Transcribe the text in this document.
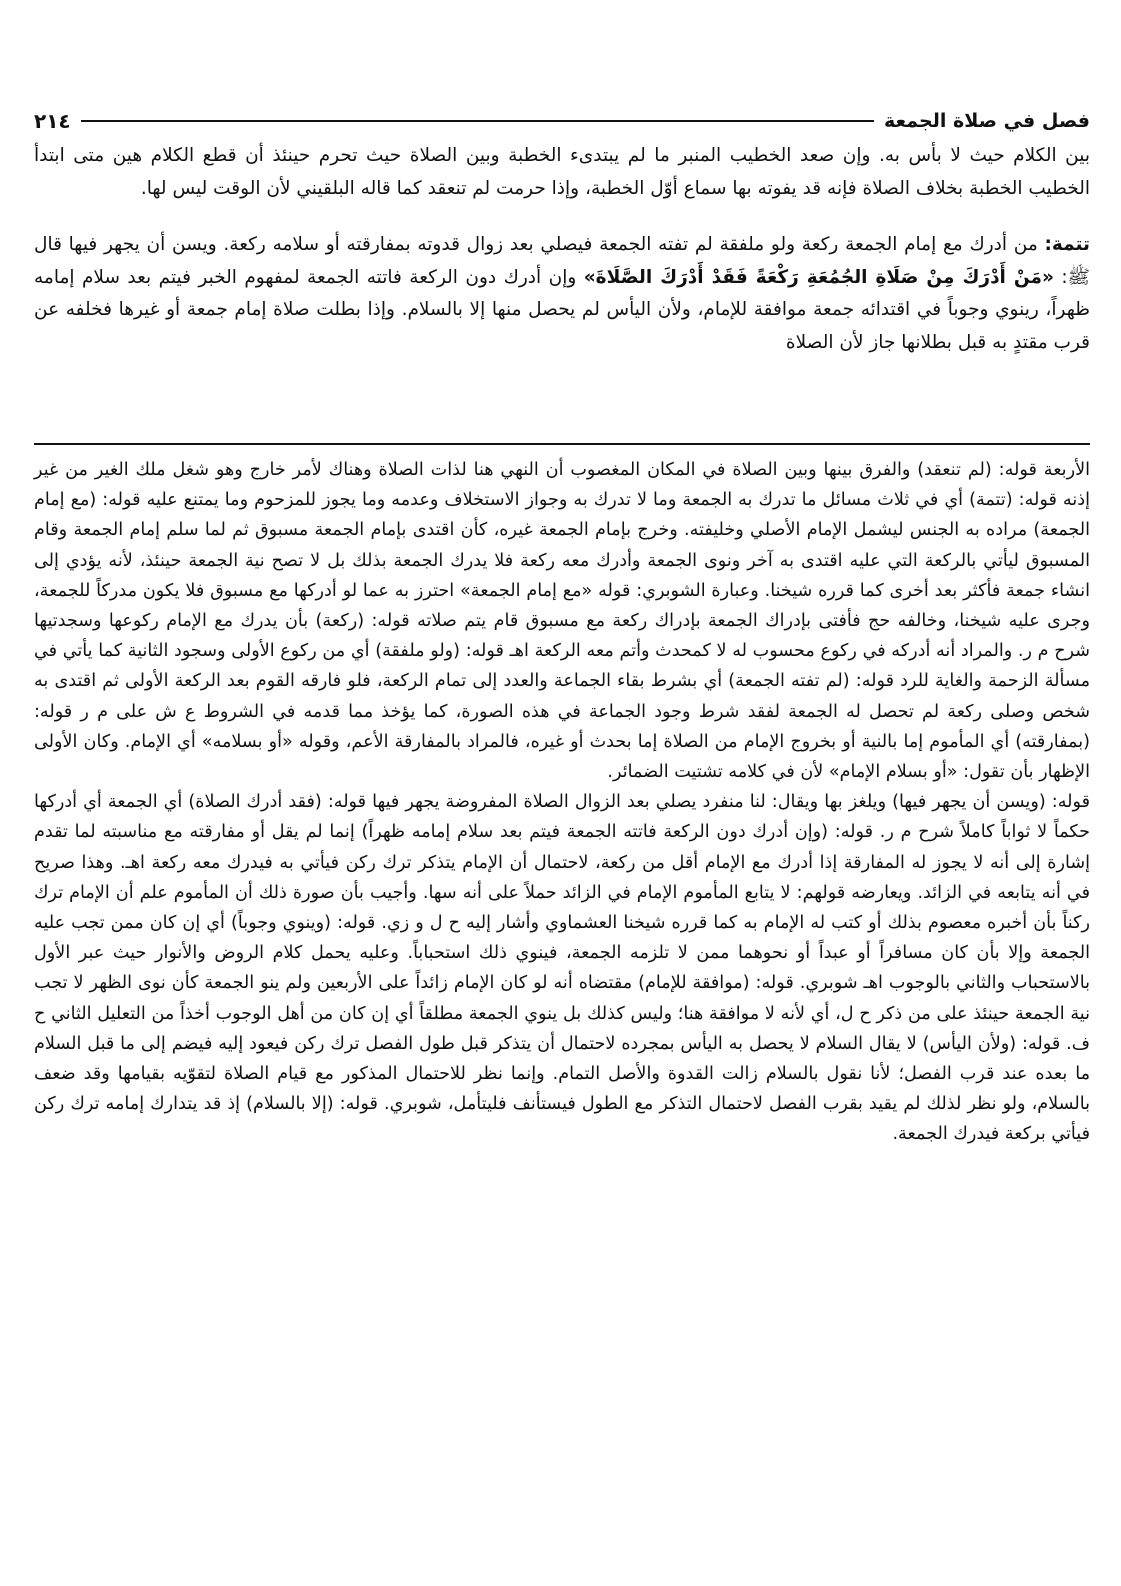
فصل في صلاة الجمعة
٢١٤

بين الكلام حيث لا بأس به. وإن صعد الخطيب المنبر ما لم يبتدىء الخطبة وبين الصلاة حيث تحرم حينئذ أن قطع الكلام هين متى ابتدأ الخطيب الخطبة بخلاف الصلاة فإنه قد يفوته بها سماع أوّل الخطبة، وإذا حرمت لم تنعقد كما قاله البلقيني لأن الوقت ليس لها.

تتمة: من أدرك مع إمام الجمعة ركعة ولو ملفقة لم تفته الجمعة فيصلي بعد زوال قدوته بمفارقته أو سلامه ركعة. ويسن أن يجهر فيها قال ﷺ: «مَنْ أَدْرَكَ مِنْ صَلَاةِ الجُمُعَةِ رَكْعَةً فَقَدْ أَدْرَكَ الصَّلَاةَ» وإن أدرك دون الركعة فاتته الجمعة لمفهوم الخبر فيتم بعد سلام إمامه ظهراً، رينوي وجوباً في اقتدائه جمعة موافقة للإمام، ولأن اليأس لم يحصل منها إلا بالسلام. وإذا بطلت صلاة إمام جمعة أو غيرها فخلفه عن قرب مقتدٍ به قبل بطلانها جاز لأن الصلاة

الأربعة قوله: (لم تنعقد) والفرق بينها وبين الصلاة في المكان المغصوب أن النهي هنا لذات الصلاة وهناك لأمر خارج وهو شغل ملك الغير من غير إذنه قوله: (تتمة) أي في ثلاث مسائل ما تدرك به الجمعة وما لا تدرك به وجواز الاستخلاف وعدمه وما يجوز للمزحوم وما يمتنع عليه قوله: (مع إمام الجمعة) مراده به الجنس ليشمل الإمام الأصلي وخليفته. وخرج بإمام الجمعة غيره، كأن اقتدى بإمام الجمعة مسبوق ثم لما سلم إمام الجمعة وقام المسبوق ليأتي بالركعة التي عليه اقتدى به آخر ونوى الجمعة وأدرك معه ركعة فلا يدرك الجمعة بذلك بل لا تصح نية الجمعة حينئذ، لأنه يؤدي إلى انشاء جمعة فأكثر بعد أخرى كما قرره شيخنا. وعبارة الشوبري: قوله «مع إمام الجمعة» احترز به عما لو أدركها مع مسبوق فلا يكون مدركاً للجمعة، وجرى عليه شيخنا، وخالفه حج فأفتى بإدراك الجمعة بإدراك ركعة مع مسبوق قام يتم صلاته قوله: (ركعة) بأن يدرك مع الإمام ركوعها وسجدتيها شرح م ر. والمراد أنه أدركه في ركوع محسوب له لا كمحدث وأتم معه الركعة اهـ قوله: (ولو ملفقة) أي من ركوع الأولى وسجود الثانية كما يأتي في مسألة الزحمة والغاية للرد قوله: (لم تفته الجمعة) أي بشرط بقاء الجماعة والعدد إلى تمام الركعة، فلو فارقه القوم بعد الركعة الأولى ثم اقتدى به شخص وصلى ركعة لم تحصل له الجمعة لفقد شرط وجود الجماعة في هذه الصورة، كما يؤخذ مما قدمه في الشروط ع ش على م ر قوله: (بمفارقته) أي المأموم إما بالنية أو بخروج الإمام من الصلاة إما بحدث أو غيره، فالمراد بالمفارقة الأعم، وقوله «أو بسلامه» أي الإمام. وكان الأولى الإظهار بأن تقول: «أو بسلام الإمام» لأن في كلامه تشتيت الضمائر.

قوله: (ويسن أن يجهر فيها) ويلغز بها ويقال: لنا منفرد يصلي بعد الزوال الصلاة المفروضة يجهر فيها قوله: (فقد أدرك الصلاة) أي الجمعة أي أدركها حكماً لا ثواباً كاملاً شرح م ر. قوله: (وإن أدرك دون الركعة فاتته الجمعة فيتم بعد سلام إمامه ظهراً) إنما لم يقل أو مفارقته مع مناسبته لما تقدم إشارة إلى أنه لا يجوز له المفارقة إذا أدرك مع الإمام أقل من ركعة، لاحتمال أن الإمام يتذكر ترك ركن فيأتي به فيدرك معه ركعة اهـ. وهذا صريح في أنه يتابعه في الزائد. ويعارضه قولهم: لا يتابع المأموم الإمام في الزائد حملاً على أنه سها. وأجيب بأن صورة ذلك أن المأموم علم أن الإمام ترك ركناً بأن أخبره معصوم بذلك أو كتب له الإمام به كما قرره شيخنا العشماوي وأشار إليه ح ل و زي. قوله: (وينوي وجوباً) أي إن كان ممن تجب عليه الجمعة وإلا بأن كان مسافراً أو عبداً أو نحوهما ممن لا تلزمه الجمعة، فينوي ذلك استحباباً. وعليه يحمل كلام الروض والأنوار حيث عبر الأول بالاستحباب والثاني بالوجوب اهـ شوبري. قوله: (موافقة للإمام) مقتضاه أنه لو كان الإمام زائداً على الأربعين ولم ينو الجمعة كأن نوى الظهر لا تجب نية الجمعة حينئذ على من ذكر ح ل، أي لأنه لا موافقة هنا؛ وليس كذلك بل ينوي الجمعة مطلقاً أي إن كان من أهل الوجوب أخذاً من التعليل الثاني ح ف. قوله: (ولأن اليأس) لا يقال السلام لا يحصل به اليأس بمجرده لاحتمال أن يتذكر قبل طول الفصل ترك ركن فيعود إليه فيضم إلى ما قبل السلام ما بعده عند قرب الفصل؛ لأنا نقول بالسلام زالت القدوة والأصل التمام. وإنما نظر للاحتمال المذكور مع قيام الصلاة لتقوّيه بقيامها وقد ضعف بالسلام، ولو نظر لذلك لم يقيد بقرب الفصل لاحتمال التذكر مع الطول فيستأنف فليتأمل، شوبري. قوله: (إلا بالسلام) إذ قد يتدارك إمامه ترك ركن فيأتي بركعة فيدرك الجمعة.
